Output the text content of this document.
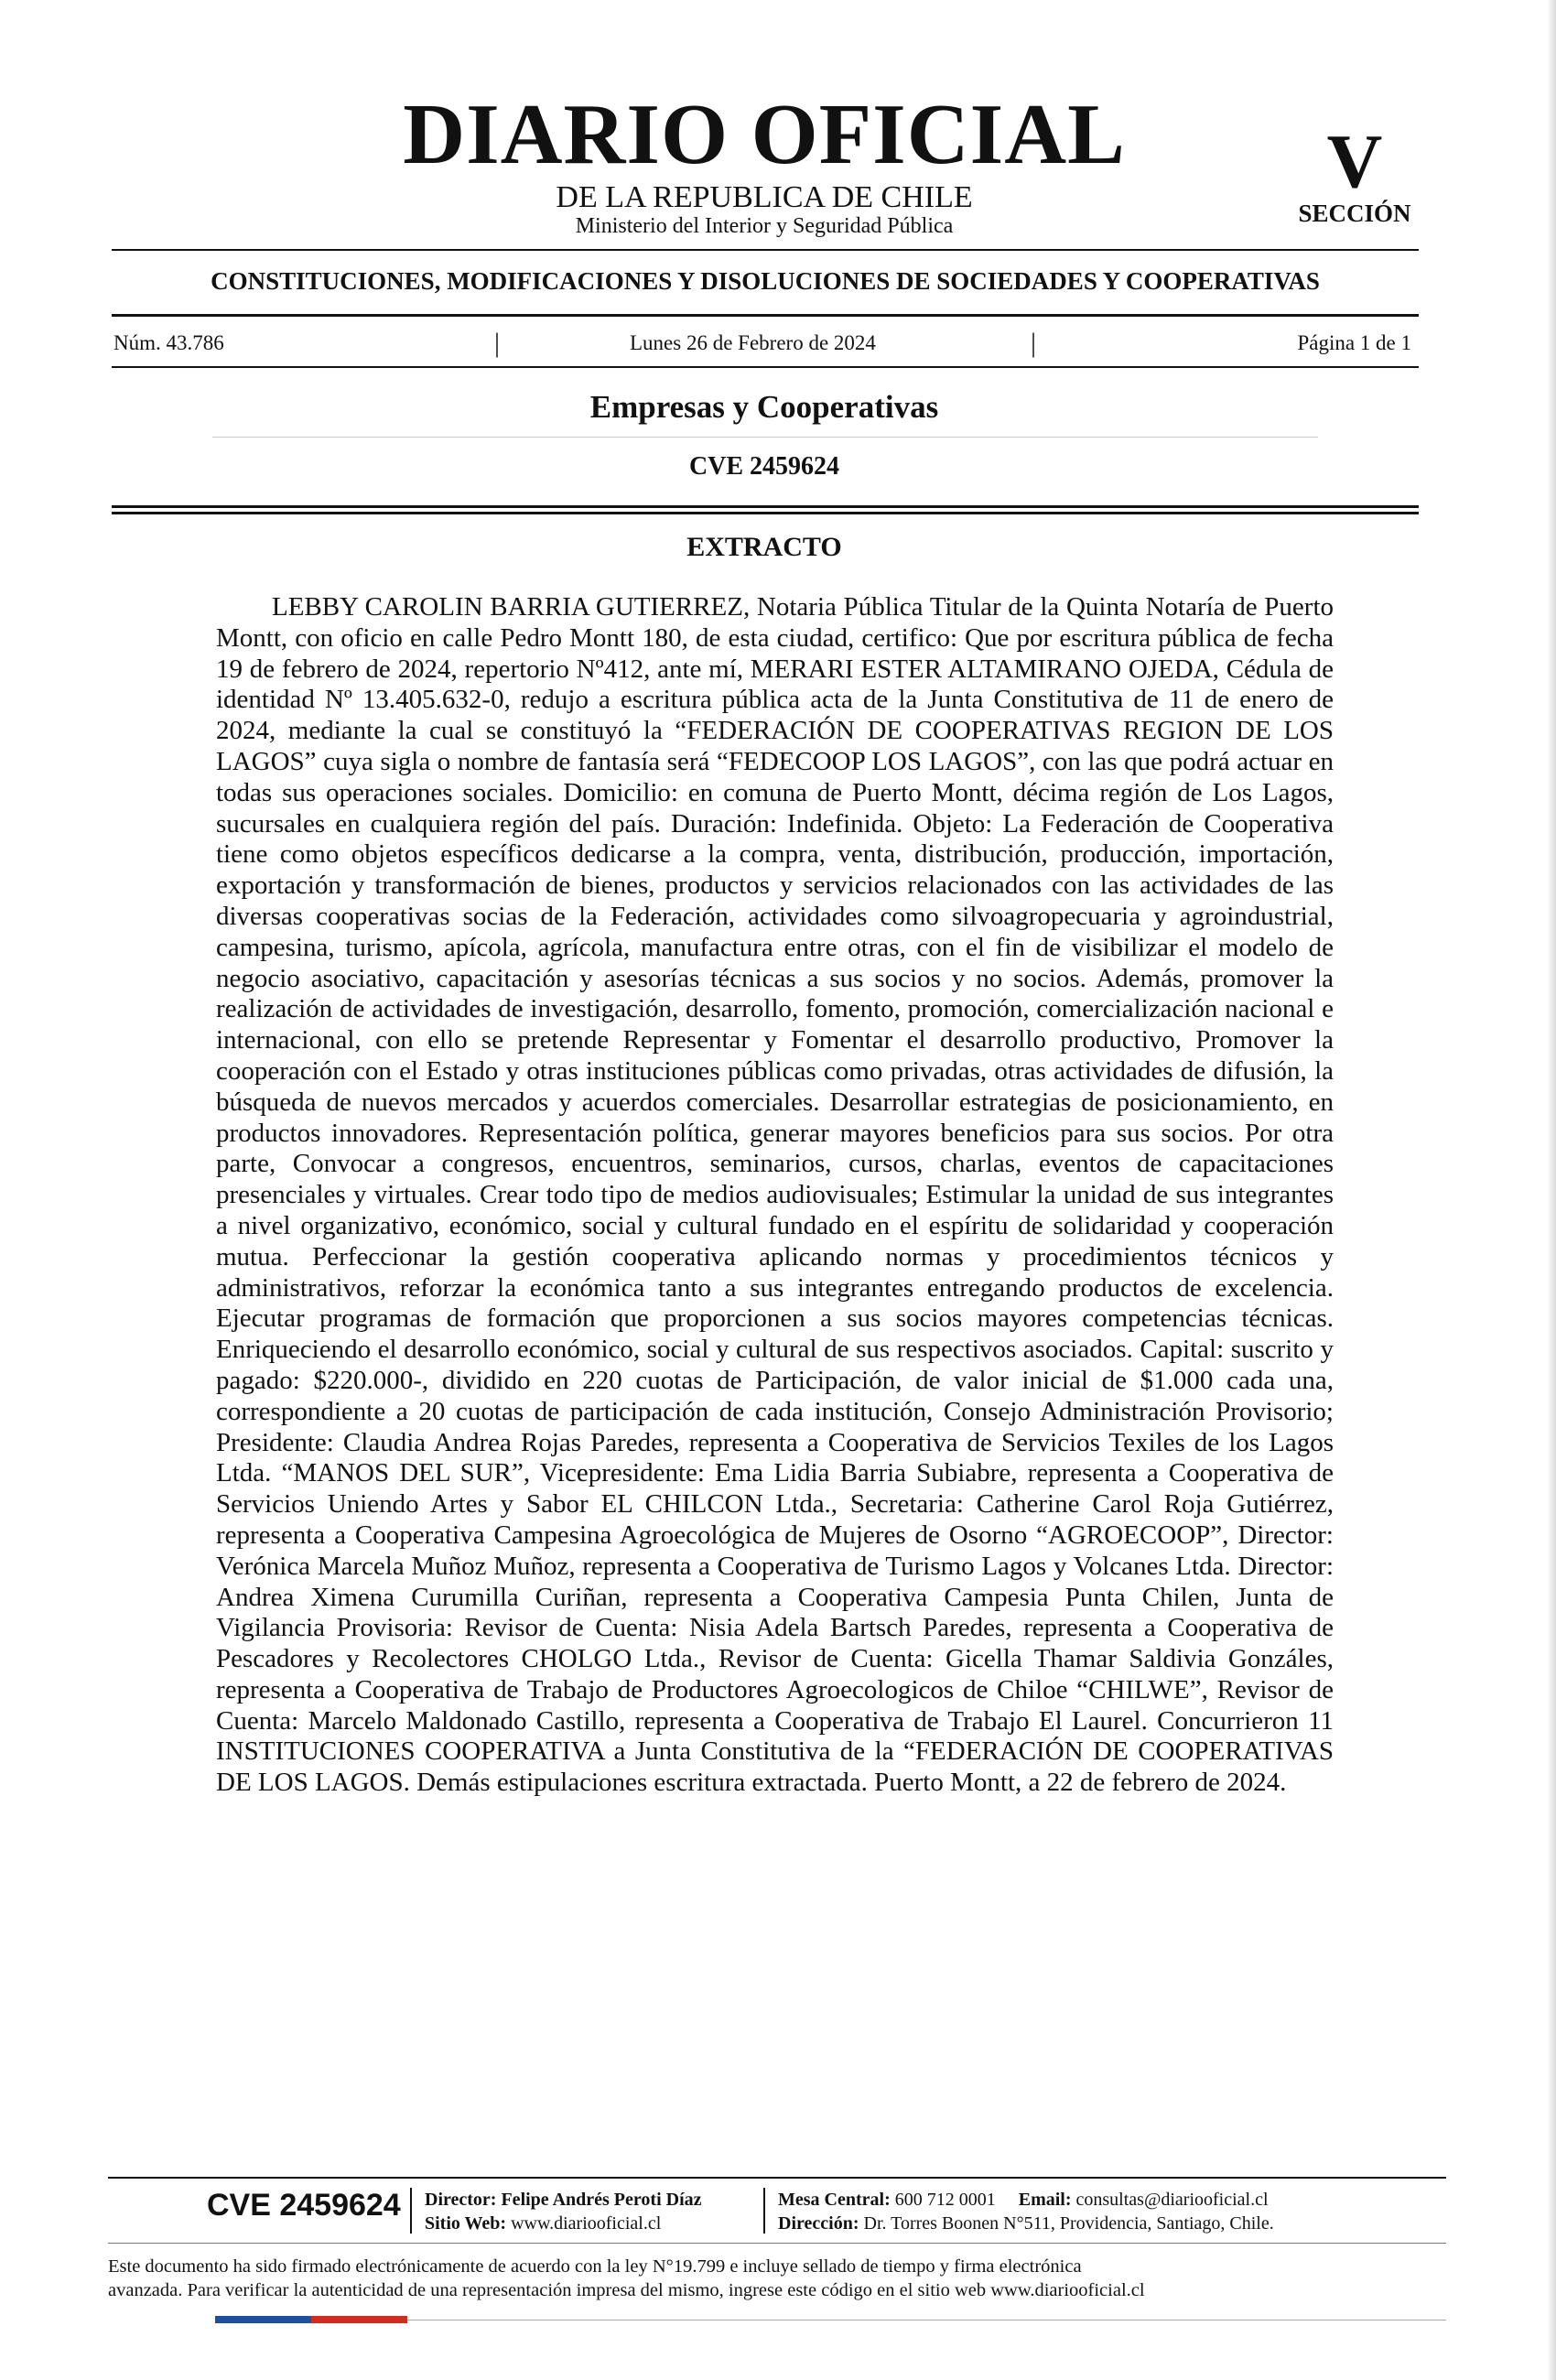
DIARIO OFICIAL
DE LA REPUBLICA DE CHILE
Ministerio del Interior y Seguridad Pública
V
SECCIÓN
CONSTITUCIONES, MODIFICACIONES Y DISOLUCIONES DE SOCIEDADES Y COOPERATIVAS
Núm. 43.786	|	Lunes 26 de Febrero de 2024	|	Página 1 de 1
Empresas y Cooperativas
CVE 2459624
EXTRACTO

LEBBY CAROLIN BARRIA GUTIERREZ, Notaria Pública Titular de la Quinta Notaría de Puerto Montt, con oficio en calle Pedro Montt 180, de esta ciudad, certifico: Que por escritura pública de fecha 19 de febrero de 2024, repertorio Nº412, ante mí, MERARI ESTER ALTAMIRANO OJEDA, Cédula de identidad Nº 13.405.632-0, redujo a escritura pública acta de la Junta Constitutiva de 11 de enero de 2024, mediante la cual se constituyó la “FEDERACIÓN DE COOPERATIVAS REGION DE LOS LAGOS” cuya sigla o nombre de fantasía será “FEDECOOP LOS LAGOS”, con las que podrá actuar en todas sus operaciones sociales. Domicilio: en comuna de Puerto Montt, décima región de Los Lagos, sucursales en cualquiera región del país. Duración: Indefinida. Objeto: La Federación de Cooperativa tiene como objetos específicos dedicarse a la compra, venta, distribución, producción, importación, exportación y transformación de bienes, productos y servicios relacionados con las actividades de las diversas cooperativas socias de la Federación, actividades como silvoagropecuaria y agroindustrial, campesina, turismo, apícola, agrícola, manufactura entre otras, con el fin de visibilizar el modelo de negocio asociativo, capacitación y asesorías técnicas a sus socios y no socios. Además, promover la realización de actividades de investigación, desarrollo, fomento, promoción, comercialización nacional e internacional, con ello se pretende Representar y Fomentar el desarrollo productivo, Promover la cooperación con el Estado y otras instituciones públicas como privadas, otras actividades de difusión, la búsqueda de nuevos mercados y acuerdos comerciales. Desarrollar estrategias de posicionamiento, en productos innovadores. Representación política, generar mayores beneficios para sus socios. Por otra parte, Convocar a congresos, encuentros, seminarios, cursos, charlas, eventos de capacitaciones presenciales y virtuales. Crear todo tipo de medios audiovisuales; Estimular la unidad de sus integrantes a nivel organizativo, económico, social y cultural fundado en el espíritu de solidaridad y cooperación mutua. Perfeccionar la gestión cooperativa aplicando normas y procedimientos técnicos y administrativos, reforzar la económica tanto a sus integrantes entregando productos de excelencia. Ejecutar programas de formación que proporcionen a sus socios mayores competencias técnicas. Enriqueciendo el desarrollo económico, social y cultural de sus respectivos asociados. Capital: suscrito y pagado: $220.000-, dividido en 220 cuotas de Participación, de valor inicial de $1.000 cada una, correspondiente a 20 cuotas de participación de cada institución, Consejo Administración Provisorio; Presidente: Claudia Andrea Rojas Paredes, representa a Cooperativa de Servicios Texiles de los Lagos Ltda. “MANOS DEL SUR”, Vicepresidente: Ema Lidia Barria Subiabre, representa a Cooperativa de Servicios Uniendo Artes y Sabor EL CHILCON Ltda., Secretaria: Catherine Carol Roja Gutiérrez, representa a Cooperativa Campesina Agroecológica de Mujeres de Osorno “AGROECOOP”, Director: Verónica Marcela Muñoz Muñoz, representa a Cooperativa de Turismo Lagos y Volcanes Ltda. Director: Andrea Ximena Curumilla Curiñan, representa a Cooperativa Campesia Punta Chilen, Junta de Vigilancia Provisoria: Revisor de Cuenta: Nisia Adela Bartsch Paredes, representa a Cooperativa de Pescadores y Recolectores CHOLGO Ltda., Revisor de Cuenta: Gicella Thamar Saldivia Gonzáles, representa a Cooperativa de Trabajo de Productores Agroecologicos de Chiloe “CHILWE”, Revisor de Cuenta: Marcelo Maldonado Castillo, representa a Cooperativa de Trabajo El Laurel. Concurrieron 11 INSTITUCIONES COOPERATIVA a Junta Constitutiva de la “FEDERACIÓN DE COOPERATIVAS DE LOS LAGOS. Demás estipulaciones escritura extractada. Puerto Montt, a 22 de febrero de 2024.

CVE 2459624 Director: Felipe Andrés Peroti Díaz
Sitio Web: www.diariooficial.cl
Mesa Central: 600 712 0001 Email: consultas@diariooficial.cl
Dirección: Dr. Torres Boonen N°511, Providencia, Santiago, Chile.
Este documento ha sido firmado electrónicamente de acuerdo con la ley N°19.799 e incluye sellado de tiempo y firma electrónica
avanzada. Para verificar la autenticidad de una representación impresa del mismo, ingrese este código en el sitio web www.diariooficial.cl
